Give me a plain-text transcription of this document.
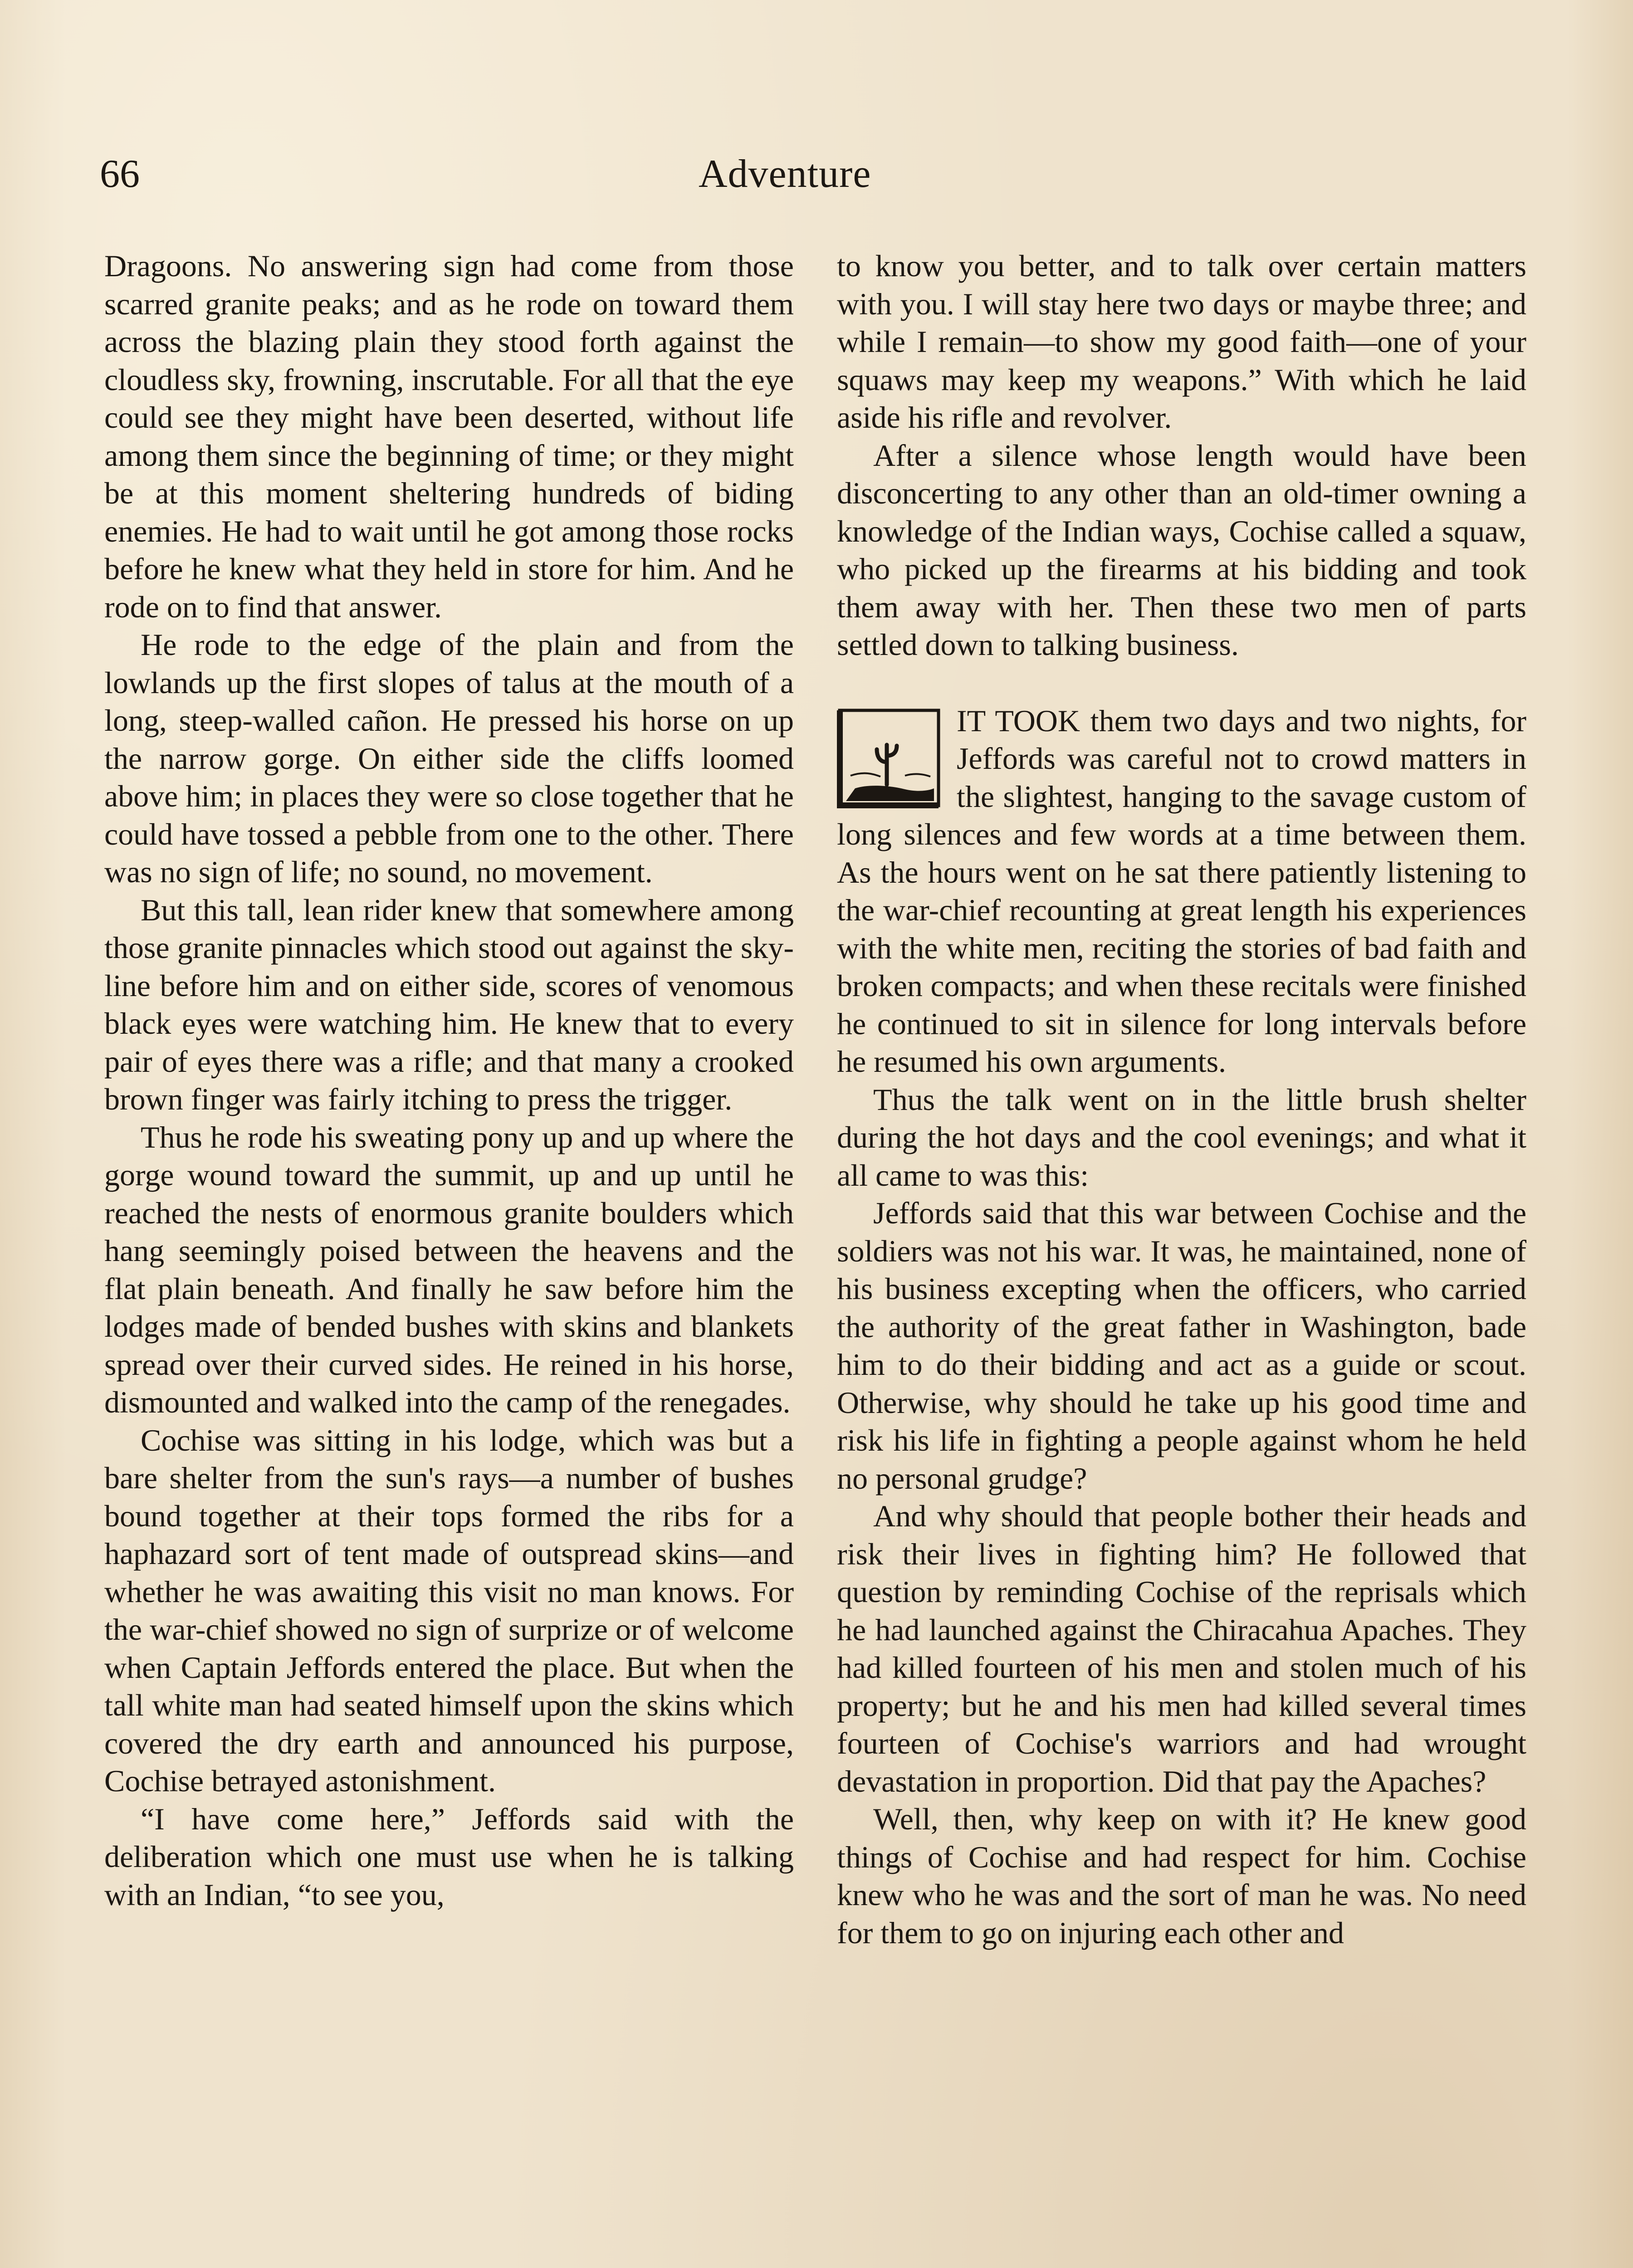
66	Adventure

Dragoons. No answering sign had come from those scarred granite peaks; and as he rode on toward them across the blazing plain they stood forth against the cloudless sky, frowning, inscrutable. For all that the eye could see they might have been deserted, without life among them since the beginning of time; or they might be at this moment sheltering hundreds of biding enemies. He had to wait until he got among those rocks before he knew what they held in store for him. And he rode on to find that answer.

He rode to the edge of the plain and from the lowlands up the first slopes of talus at the mouth of a long, steep-walled cañon. He pressed his horse on up the narrow gorge. On either side the cliffs loomed above him; in places they were so close together that he could have tossed a pebble from one to the other. There was no sign of life; no sound, no movement.

But this tall, lean rider knew that somewhere among those granite pinnacles which stood out against the sky-line before him and on either side, scores of venomous black eyes were watching him. He knew that to every pair of eyes there was a rifle; and that many a crooked brown finger was fairly itching to press the trigger.

Thus he rode his sweating pony up and up where the gorge wound toward the summit, up and up until he reached the nests of enormous granite boulders which hang seemingly poised between the heavens and the flat plain beneath. And finally he saw before him the lodges made of bended bushes with skins and blankets spread over their curved sides. He reined in his horse, dismounted and walked into the camp of the renegades.

Cochise was sitting in his lodge, which was but a bare shelter from the sun's rays—a number of bushes bound together at their tops formed the ribs for a haphazard sort of tent made of outspread skins—and whether he was awaiting this visit no man knows. For the war-chief showed no sign of surprize or of welcome when Captain Jeffords entered the place. But when the tall white man had seated himself upon the skins which covered the dry earth and announced his purpose, Cochise betrayed astonishment.

“I have come here,” Jeffords said with the deliberation which one must use when he is talking with an Indian, “to see you,

to know you better, and to talk over certain matters with you. I will stay here two days or maybe three; and while I remain—to show my good faith—one of your squaws may keep my weapons.” With which he laid aside his rifle and revolver.

After a silence whose length would have been disconcerting to any other than an old-timer owning a knowledge of the Indian ways, Cochise called a squaw, who picked up the firearms at his bidding and took them away with her. Then these two men of parts settled down to talking business.

IT TOOK them two days and two nights, for Jeffords was careful not to crowd matters in the slightest, hanging to the savage custom of long silences and few words at a time between them. As the hours went on he sat there patiently listening to the war-chief recounting at great length his experiences with the white men, reciting the stories of bad faith and broken compacts; and when these recitals were finished he continued to sit in silence for long intervals before he resumed his own arguments.

Thus the talk went on in the little brush shelter during the hot days and the cool evenings; and what it all came to was this:

Jeffords said that this war between Cochise and the soldiers was not his war. It was, he maintained, none of his business excepting when the officers, who carried the authority of the great father in Washington, bade him to do their bidding and act as a guide or scout. Otherwise, why should he take up his good time and risk his life in fighting a people against whom he held no personal grudge?

And why should that people bother their heads and risk their lives in fighting him? He followed that question by reminding Cochise of the reprisals which he had launched against the Chiracahua Apaches. They had killed fourteen of his men and stolen much of his property; but he and his men had killed several times fourteen of Cochise's warriors and had wrought devastation in proportion. Did that pay the Apaches?

Well, then, why keep on with it? He knew good things of Cochise and had respect for him. Cochise knew who he was and the sort of man he was. No need for them to go on injuring each other and
